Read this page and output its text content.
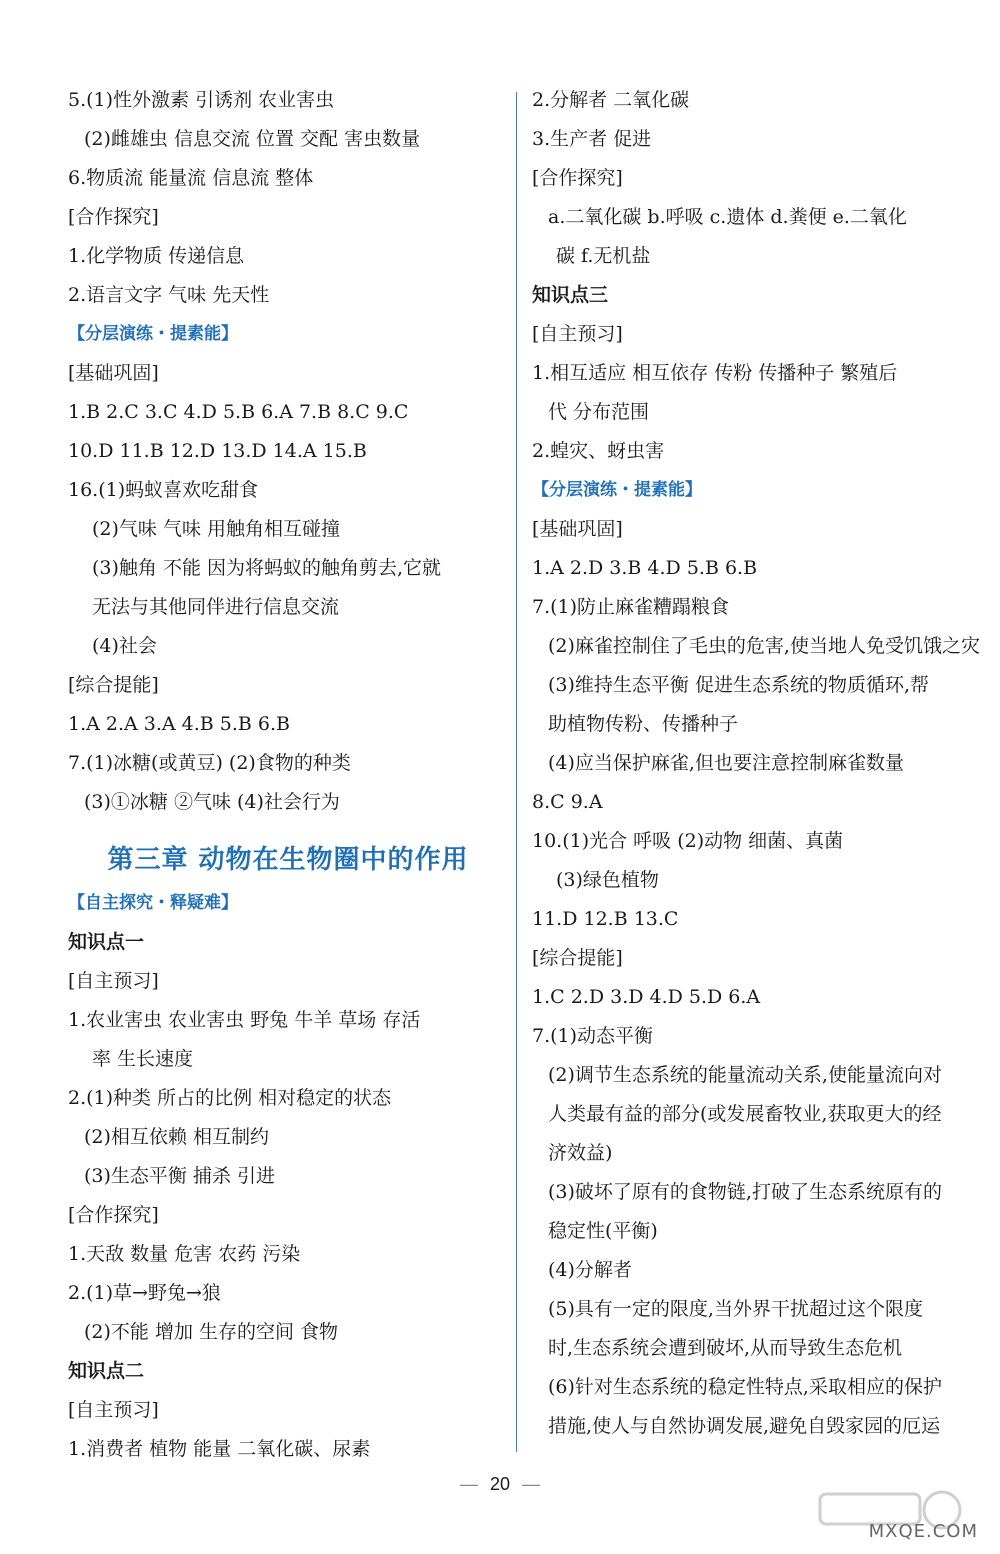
5.(1)性外激素 引诱剂 农业害虫
(2)雌雄虫 信息交流 位置 交配 害虫数量
6.物质流 能量流 信息流 整体
[合作探究]
1.化学物质 传递信息
2.语言文字 气味 先天性
【分层演练・提素能】
[基础巩固]
1.B 2.C 3.C 4.D 5.B 6.A 7.B 8.C 9.C
10.D 11.B 12.D 13.D 14.A 15.B
16.(1)蚂蚁喜欢吃甜食
(2)气味 气味 用触角相互碰撞
(3)触角 不能 因为将蚂蚁的触角剪去,它就
无法与其他同伴进行信息交流
(4)社会
[综合提能]
1.A 2.A 3.A 4.B 5.B 6.B
7.(1)冰糖(或黄豆) (2)食物的种类
(3)①冰糖 ②气味 (4)社会行为
第三章 动物在生物圈中的作用
【自主探究・释疑难】
知识点一
[自主预习]
1.农业害虫 农业害虫 野兔 牛羊 草场 存活
率 生长速度
2.(1)种类 所占的比例 相对稳定的状态
(2)相互依赖 相互制约
(3)生态平衡 捕杀 引进
[合作探究]
1.天敌 数量 危害 农药 污染
2.(1)草→野兔→狼
(2)不能 增加 生存的空间 食物
知识点二
[自主预习]
1.消费者 植物 能量 二氧化碳、尿素
2.分解者 二氧化碳
3.生产者 促进
[合作探究]
a.二氧化碳 b.呼吸 c.遗体 d.粪便 e.二氧化
碳 f.无机盐
知识点三
[自主预习]
1.相互适应 相互依存 传粉 传播种子 繁殖后
代 分布范围
2.蝗灾、蚜虫害
【分层演练・提素能】
[基础巩固]
1.A 2.D 3.B 4.D 5.B 6.B
7.(1)防止麻雀糟蹋粮食
(2)麻雀控制住了毛虫的危害,使当地人免受饥饿之灾
(3)维持生态平衡 促进生态系统的物质循环,帮
助植物传粉、传播种子
(4)应当保护麻雀,但也要注意控制麻雀数量
8.C 9.A
10.(1)光合 呼吸 (2)动物 细菌、真菌
(3)绿色植物
11.D 12.B 13.C
[综合提能]
1.C 2.D 3.D 4.D 5.D 6.A
7.(1)动态平衡
(2)调节生态系统的能量流动关系,使能量流向对
人类最有益的部分(或发展畜牧业,获取更大的经
济效益)
(3)破坏了原有的食物链,打破了生态系统原有的
稳定性(平衡)
(4)分解者
(5)具有一定的限度,当外界干扰超过这个限度
时,生态系统会遭到破坏,从而导致生态危机
(6)针对生态系统的稳定性特点,采取相应的保护
措施,使人与自然协调发展,避免自毁家园的厄运
— 20 —
MXQE.COM
